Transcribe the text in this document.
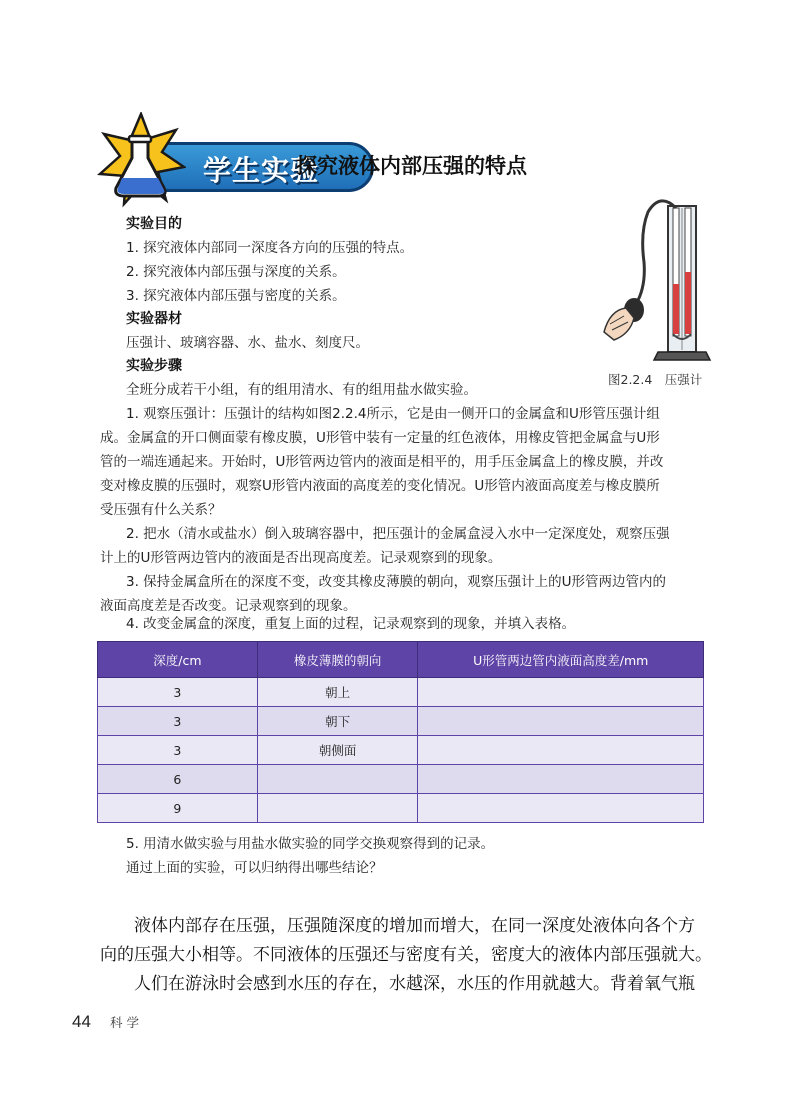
学生实验
探究液体内部压强的特点
实验目的
1. 探究液体内部同一深度各方向的压强的特点。
2. 探究液体内部压强与深度的关系。
3. 探究液体内部压强与密度的关系。
实验器材
压强计、玻璃容器、水、盐水、刻度尺。
实验步骤
全班分成若干小组，有的组用清水、有的组用盐水做实验。
1. 观察压强计：压强计的结构如图2.2.4所示，它是由一侧开口的金属盒和U形管压强计组
成。金属盒的开口侧面蒙有橡皮膜，U形管中装有一定量的红色液体，用橡皮管把金属盒与U形
管的一端连通起来。开始时，U形管两边管内的液面是相平的，用手压金属盒上的橡皮膜，并改
变对橡皮膜的压强时，观察U形管内液面的高度差的变化情况。U形管内液面高度差与橡皮膜所
受压强有什么关系？
2. 把水（清水或盐水）倒入玻璃容器中，把压强计的金属盒浸入水中一定深度处，观察压强
计上的U形管两边管内的液面是否出现高度差。记录观察到的现象。
3. 保持金属盒所在的深度不变，改变其橡皮薄膜的朝向，观察压强计上的U形管两边管内的
液面高度差是否改变。记录观察到的现象。
4. 改变金属盒的深度，重复上面的过程，记录观察到的现象，并填入表格。
图2.2.4　压强计
深度/cm	橡皮薄膜的朝向	U形管两边管内液面高度差/mm
3	朝上	
3	朝下	
3	朝侧面	
6		
9		
5. 用清水做实验与用盐水做实验的同学交换观察得到的记录。
通过上面的实验，可以归纳得出哪些结论？
液体内部存在压强，压强随深度的增加而增大，在同一深度处液体向各个方
向的压强大小相等。不同液体的压强还与密度有关，密度大的液体内部压强就大。
人们在游泳时会感到水压的存在，水越深，水压的作用就越大。背着氧气瓶
44 科学
